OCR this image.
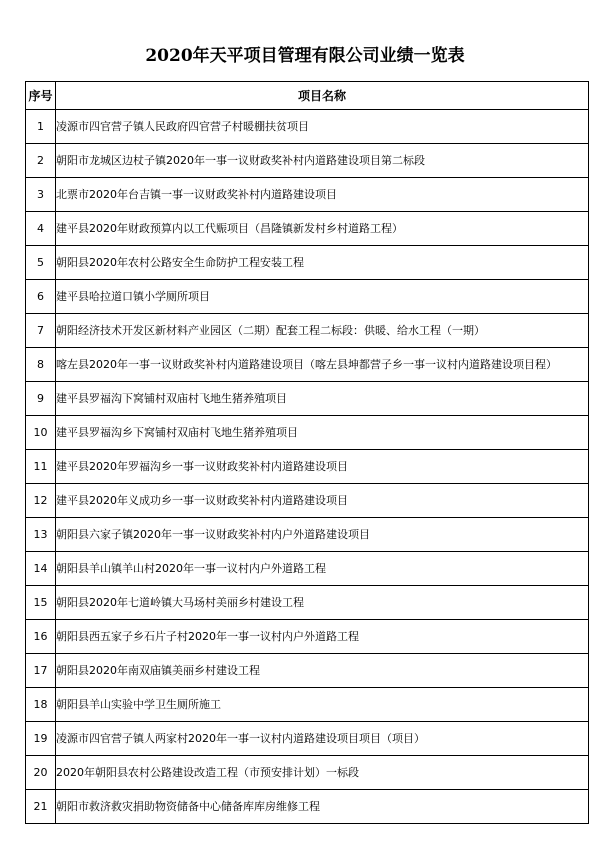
2020年天平项目管理有限公司业绩一览表
序号	项目名称
1	凌源市四官营子镇人民政府四官营子村暖棚扶贫项目
2	朝阳市龙城区边杖子镇2020年一事一议财政奖补村内道路建设项目第二标段
3	北票市2020年台吉镇一事一议财政奖补村内道路建设项目
4	建平县2020年财政预算内以工代赈项目（昌隆镇新发村乡村道路工程）
5	朝阳县2020年农村公路安全生命防护工程安装工程
6	建平县哈拉道口镇小学厕所项目
7	朝阳经济技术开发区新材料产业园区（二期）配套工程二标段：供暖、给水工程（一期）
8	喀左县2020年一事一议财政奖补村内道路建设项目（喀左县坤都营子乡一事一议村内道路建设项目程）
9	建平县罗福沟下窝铺村双庙村飞地生猪养殖项目
10	建平县罗福沟乡下窝铺村双庙村飞地生猪养殖项目
11	建平县2020年罗福沟乡一事一议财政奖补村内道路建设项目
12	建平县2020年义成功乡一事一议财政奖补村内道路建设项目
13	朝阳县六家子镇2020年一事一议财政奖补村内户外道路建设项目
14	朝阳县羊山镇羊山村2020年一事一议村内户外道路工程
15	朝阳县2020年七道岭镇大马场村美丽乡村建设工程
16	朝阳县西五家子乡石片子村2020年一事一议村内户外道路工程
17	朝阳县2020年南双庙镇美丽乡村建设工程
18	朝阳县羊山实验中学卫生厕所施工
19	凌源市四官营子镇人两家村2020年一事一议村内道路建设项目项目（项目）
20	2020年朝阳县农村公路建设改造工程（市预安排计划）一标段
21	朝阳市救济救灾捐助物资储备中心储备库库房维修工程
